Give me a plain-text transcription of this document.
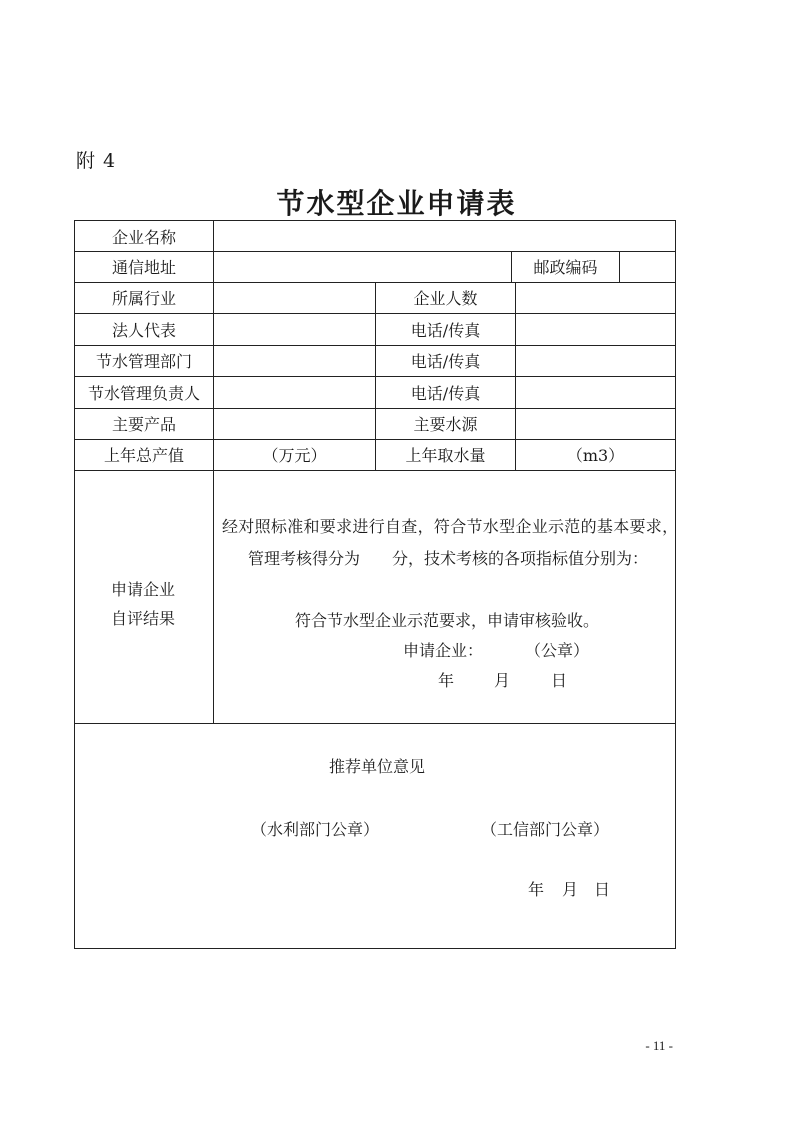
附 4
节水型企业申请表
企业名称
通信地址	邮政编码
所属行业	企业人数
法人代表	电话/传真
节水管理部门	电话/传真
节水管理负责人	电话/传真
主要产品	主要水源
上年总产值	（万元）	上年取水量	（m3）
申请企业
自评结果
经对照标准和要求进行自查，符合节水型企业示范的基本要求，
管理考核得分为　　分，技术考核的各项指标值分别为：
符合节水型企业示范要求，申请审核验收。
申请企业：	（公章）
年 月	日
推荐单位意见
（水利部门公章）	（工信部门公章）
年 月 日
- 11 -
